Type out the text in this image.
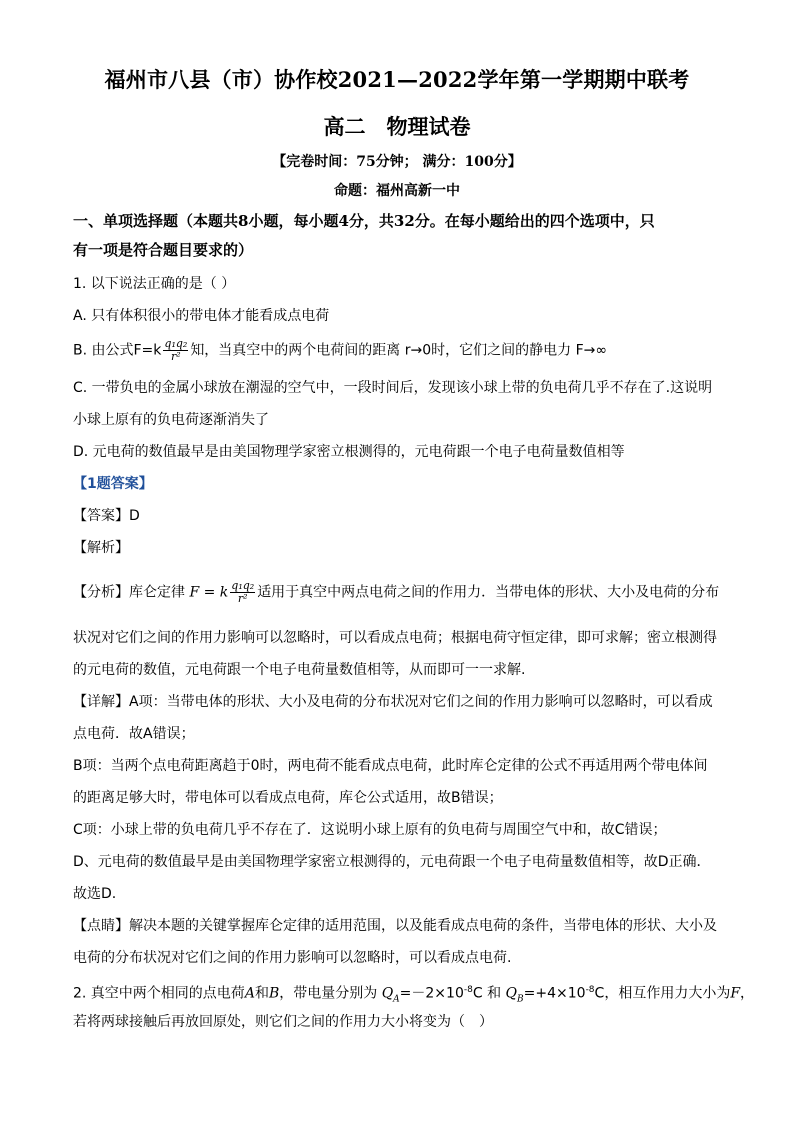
福州市八县（市）协作校2021—2022学年第一学期期中联考
高二　物理试卷
【完卷时间：75分钟； 满分：100分】
命题：福州高新一中
一、单项选择题（本题共8小题，每小题4分，共32分。在每小题给出的四个选项中，只
有一项是符合题目要求的）
1. 以下说法正确的是（ ）
A. 只有体积很小的带电体才能看成点电荷
B. 由公式$F=k \frac{\text{q₁q₂}}{\text{r²}}$ 知，当真空中的两个电荷间的距离 r→0时，它们之间的静电力 F→∞
C. 一带负电的金属小球放在潮湿的空气中，一段时间后，发现该小球上带的负电荷几乎不存在了.这说明
小球上原有的负电荷逐渐消失了
D. 元电荷的数值最早是由美国物理学家密立根测得的，元电荷跟一个电子电荷量数值相等
【1题答案】
【答案】D
【解析】
【分析】库仑定律 F = k $\frac{\text{q₁q₂}}{\text{r²}}$ 适用于真空中两点电荷之间的作用力．当带电体的形状、大小及电荷的分布
状况对它们之间的作用力影响可以忽略时，可以看成点电荷；根据电荷守恒定律，即可求解；密立根测得
的元电荷的数值，元电荷跟一个电子电荷量数值相等，从而即可一一求解.
【详解】A项：当带电体的形状、大小及电荷的分布状况对它们之间的作用力影响可以忽略时，可以看成
点电荷．故A错误；
B项：当两个点电荷距离趋于0时，两电荷不能看成点电荷，此时库仑定律的公式不再适用两个带电体间
的距离足够大时，带电体可以看成点电荷，库仑公式适用，故B错误；
C项：小球上带的负电荷几乎不存在了．这说明小球上原有的负电荷与周围空气中和，故C错误；
D、元电荷的数值最早是由美国物理学家密立根测得的，元电荷跟一个电子电荷量数值相等，故D正确．
故选D.
【点睛】解决本题的关键掌握库仑定律的适用范围，以及能看成点电荷的条件，当带电体的形状、大小及
电荷的分布状况对它们之间的作用力影响可以忽略时，可以看成点电荷.
2. 真空中两个相同的点电荷A和B，带电量分别为 $Q_A=-2\times 10^{-8}C$ 和 $Q_B=+4\times 10^{-8}C$，相互作用力大小为F，
若将两球接触后再放回原处，则它们之间的作用力大小将变为（　）
